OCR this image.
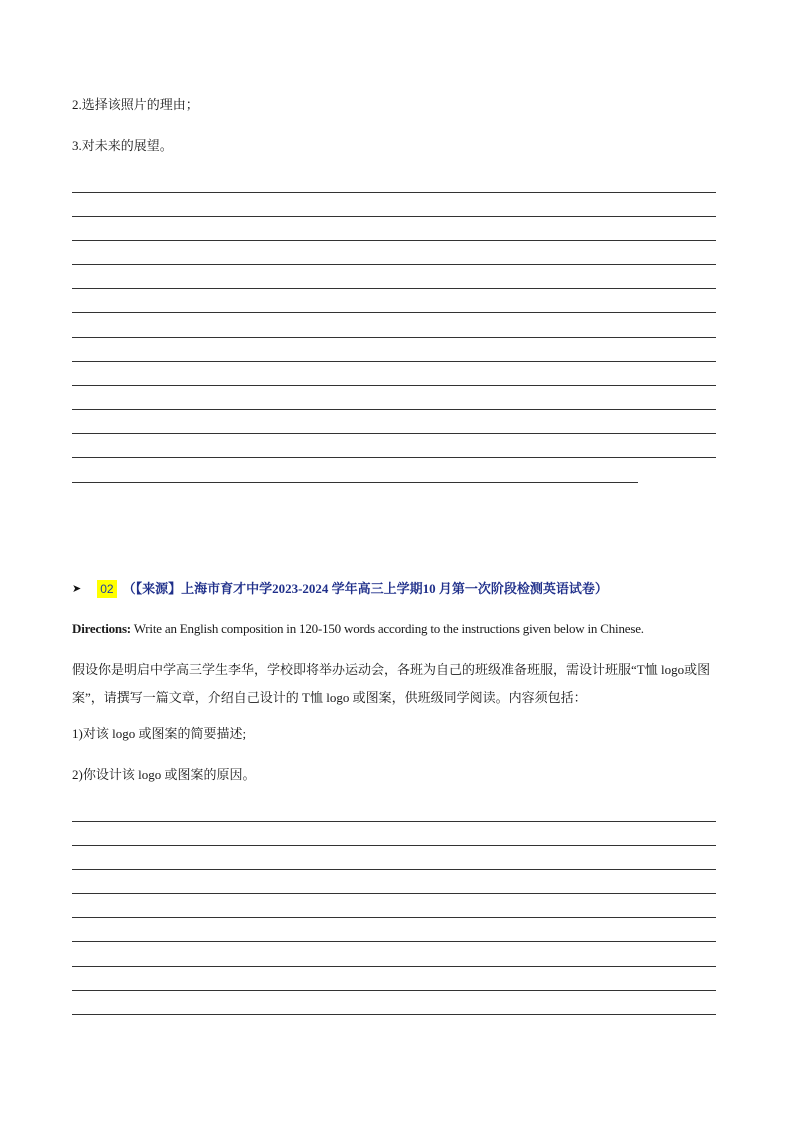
2.选择该照片的理由；
3.对未来的展望。
➤ 02 （【来源】上海市育才中学2023-2024 学年高三上学期10 月第一次阶段检测英语试卷）
Directions: Write an English composition in 120-150 words according to the instructions given below in Chinese.
假设你是明启中学高三学生李华，学校即将举办运动会，各班为自己的班级准备班服，需设计班服“T恤 logo或图案”，请撰写一篇文章，介绍自己设计的 T恤 logo 或图案，供班级同学阅读。内容须包括：
1)对该 logo 或图案的简要描述;
2)你设计该 logo 或图案的原因。
